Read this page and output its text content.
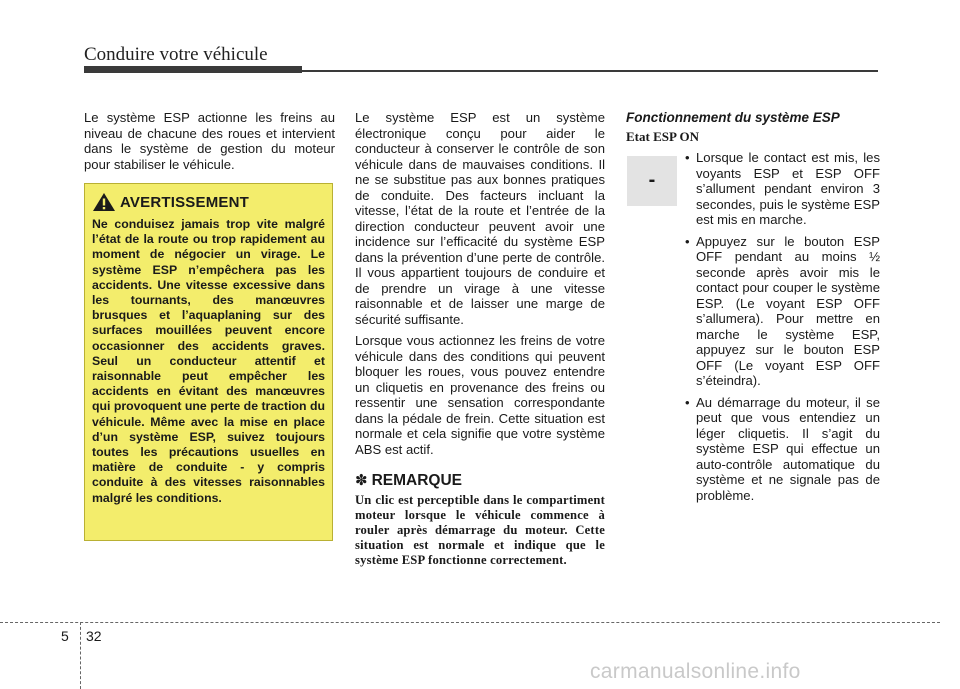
Conduire votre véhicule

Le système ESP actionne les freins au niveau de chacune des roues et intervient dans le système de gestion du moteur pour stabiliser le véhicule.

AVERTISSEMENT
Ne conduisez jamais trop vite malgré l’état de la route ou trop rapidement au moment de négocier un virage. Le système ESP n’empêchera pas les accidents. Une vitesse excessive dans les tournants, des manœuvres brusques et l’aquaplaning sur des surfaces mouillées peuvent encore occasionner des accidents graves. Seul un conducteur attentif et raisonnable peut empêcher les accidents en évitant des manœuvres qui provoquent une perte de traction du véhicule. Même avec la mise en place d’un système ESP, suivez toujours toutes les précautions usuelles en matière de conduite - y compris conduite à des vitesses raisonnables malgré les conditions.

Le système ESP est un système électronique conçu pour aider le conducteur à conserver le contrôle de son véhicule dans de mauvaises conditions. Il ne se substitue pas aux bonnes pratiques de conduite. Des facteurs incluant la vitesse, l’état de la route et l’entrée de la direction conducteur peuvent avoir une incidence sur l’efficacité du système ESP dans la prévention d’une perte de contrôle. Il vous appartient toujours de conduire et de prendre un virage à une vitesse raisonnable et de laisser une marge de sécurité suffisante.

Lorsque vous actionnez les freins de votre véhicule dans des conditions qui peuvent bloquer les roues, vous pouvez entendre un cliquetis en provenance des freins ou ressentir une sensation correspondante dans la pédale de frein. Cette situation est normale et cela signifie que votre système ABS est actif.

✽ REMARQUE
Un clic est perceptible dans le compartiment moteur lorsque le véhicule commence à rouler après démarrage du moteur. Cette situation est normale et indique que le système ESP fonctionne correctement.
Fonctionnement du système ESP
Etat ESP ON
-
• Lorsque le contact est mis, les voyants ESP et ESP OFF s’allument pendant environ 3 secondes, puis le système ESP est mis en marche.
• Appuyez sur le bouton ESP OFF pendant au moins ½ seconde après avoir mis le contact pour couper le système ESP. (Le voyant ESP OFF s’allumera). Pour mettre en marche le système ESP, appuyez sur le bouton ESP OFF (Le voyant ESP OFF s’éteindra).
• Au démarrage du moteur, il se peut que vous entendiez un léger cliquetis. Il s’agit du système ESP qui effectue un auto-contrôle automatique du système et ne signale pas de problème.
5 32
carmanualsonline.info
